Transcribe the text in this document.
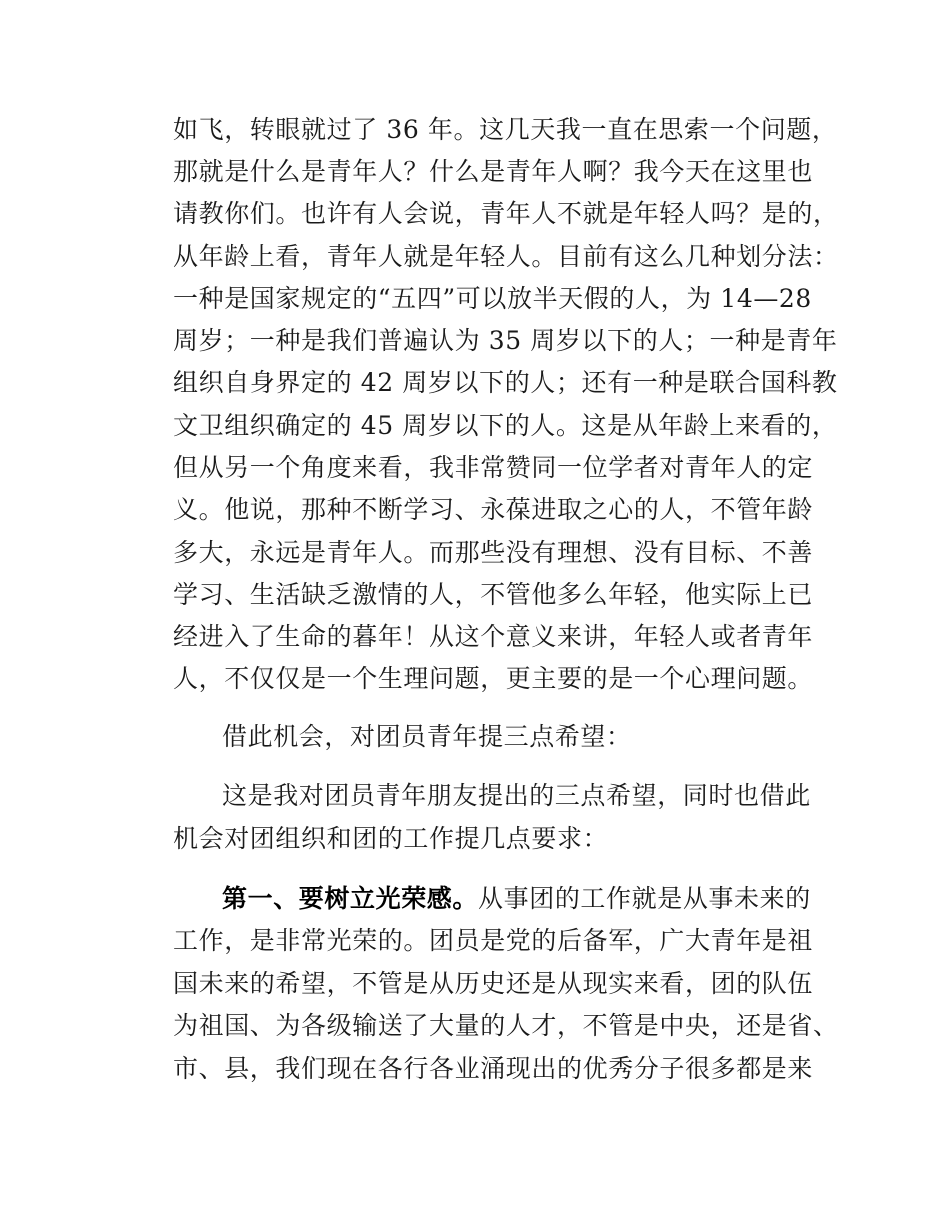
如飞，转眼就过了 36 年。这几天我一直在思索一个问题，
那就是什么是青年人？什么是青年人啊？我今天在这里也
请教你们。也许有人会说，青年人不就是年轻人吗？是的，
从年龄上看，青年人就是年轻人。目前有这么几种划分法：
一种是国家规定的“五四”可以放半天假的人，为 14—28
周岁；一种是我们普遍认为 35 周岁以下的人；一种是青年
组织自身界定的 42 周岁以下的人；还有一种是联合国科教
文卫组织确定的 45 周岁以下的人。这是从年龄上来看的，
但从另一个角度来看，我非常赞同一位学者对青年人的定
义。他说，那种不断学习、永葆进取之心的人，不管年龄
多大，永远是青年人。而那些没有理想、没有目标、不善
学习、生活缺乏激情的人，不管他多么年轻，他实际上已
经进入了生命的暮年！从这个意义来讲，年轻人或者青年
人，不仅仅是一个生理问题，更主要的是一个心理问题。
借此机会，对团员青年提三点希望：
这是我对团员青年朋友提出的三点希望，同时也借此
机会对团组织和团的工作提几点要求：
第一、要树立光荣感。从事团的工作就是从事未来的
工作，是非常光荣的。团员是党的后备军，广大青年是祖
国未来的希望，不管是从历史还是从现实来看，团的队伍
为祖国、为各级输送了大量的人才，不管是中央，还是省、
市、县，我们现在各行各业涌现出的优秀分子很多都是来
